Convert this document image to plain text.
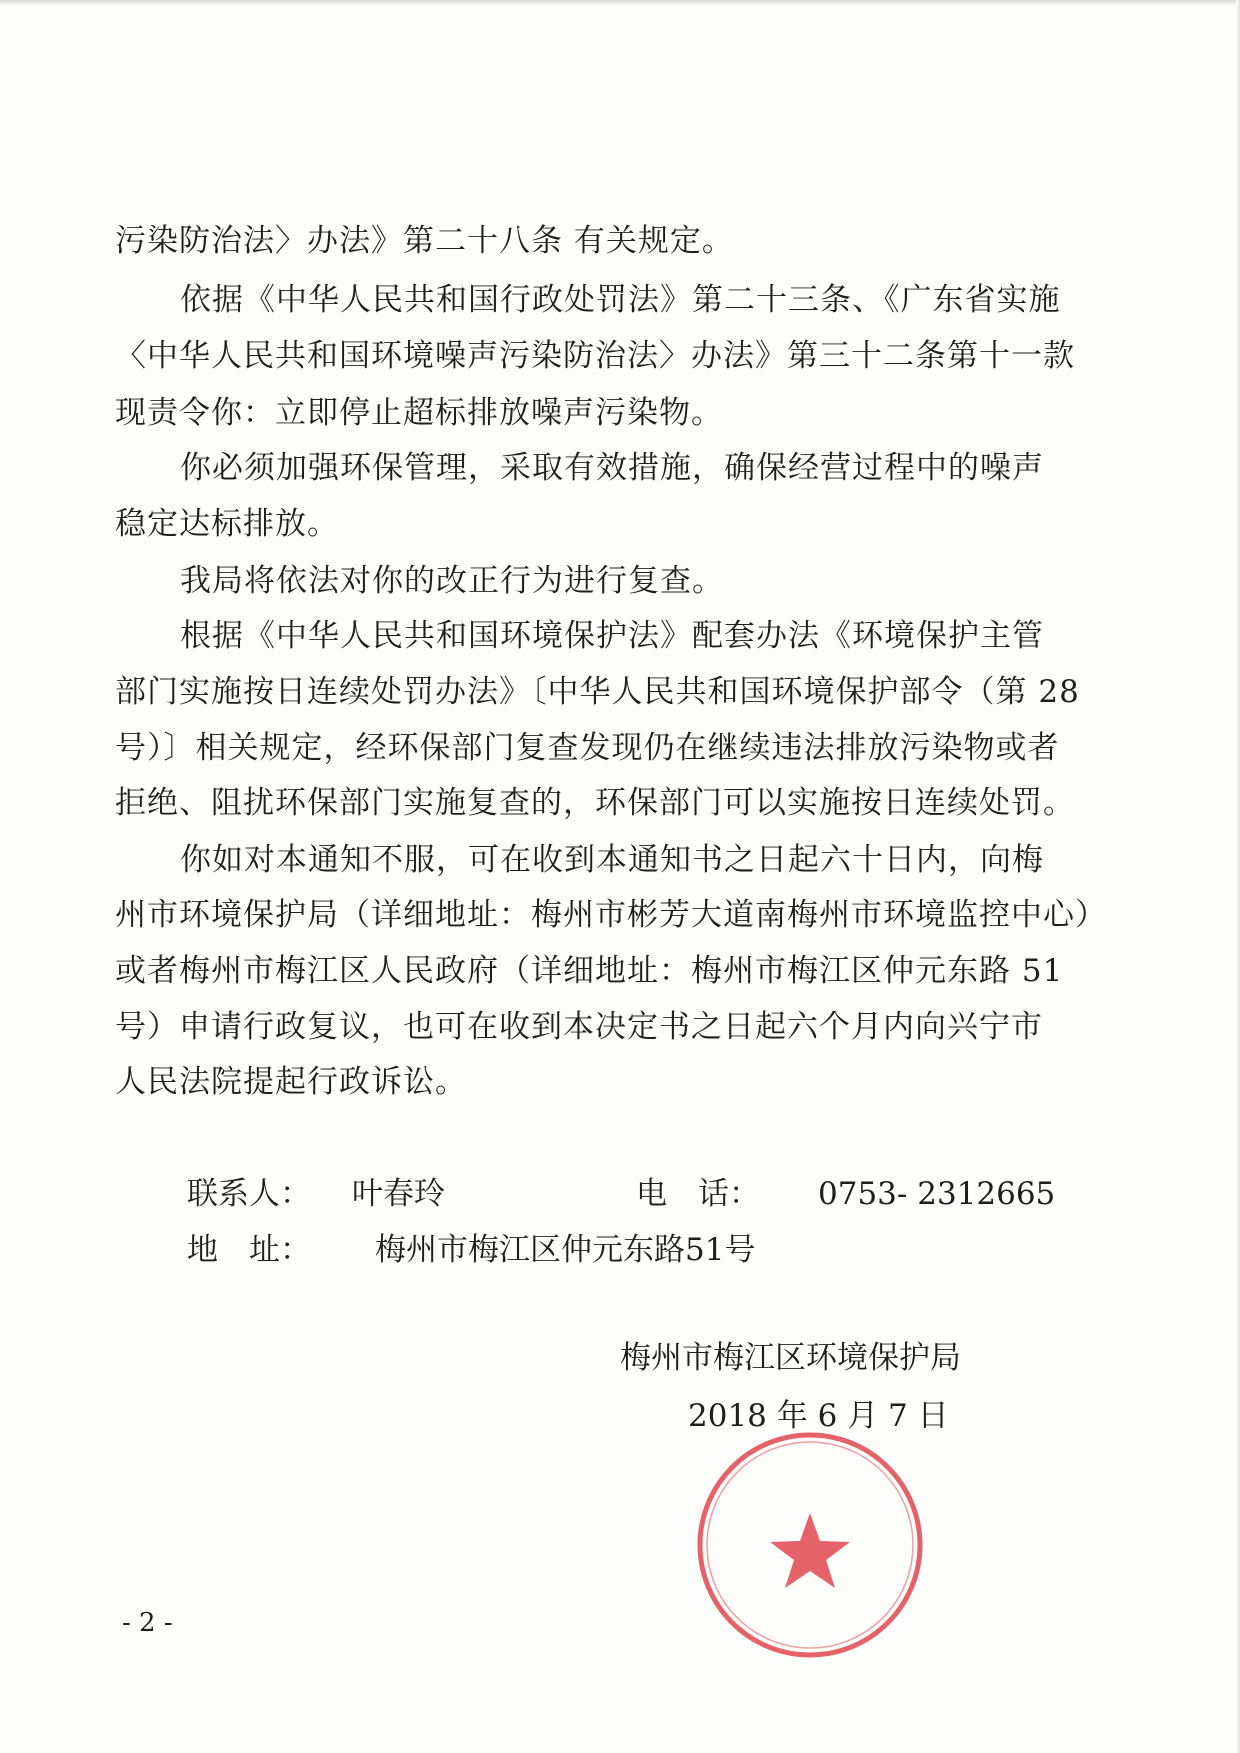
污染防治法〉办法》第二十八条 有关规定。
依据《中华人民共和国行政处罚法》第二十三条、《广东省实施
〈中华人民共和国环境噪声污染防治法〉办法》第三十二条第十一款
现责令你：立即停止超标排放噪声污染物。
你必须加强环保管理，采取有效措施，确保经营过程中的噪声
稳定达标排放。
我局将依法对你的改正行为进行复查。
根据《中华人民共和国环境保护法》配套办法《环境保护主管
部门实施按日连续处罚办法》〔中华人民共和国环境保护部令（第 28
号）〕相关规定，经环保部门复查发现仍在继续违法排放污染物或者
拒绝、阻扰环保部门实施复查的，环保部门可以实施按日连续处罚。
你如对本通知不服，可在收到本通知书之日起六十日内，向梅
州市环境保护局（详细地址：梅州市彬芳大道南梅州市环境监控中心）
或者梅州市梅江区人民政府（详细地址：梅州市梅江区仲元东路 51
号）申请行政复议，也可在收到本决定书之日起六个月内向兴宁市
人民法院提起行政诉讼。
联系人： 叶春玲	电　话： 0753- 2312665
地　址： 梅州市梅江区仲元东路51号
梅州市梅江区环境保护局
2018 年 6 月 7 日
- 2 -
